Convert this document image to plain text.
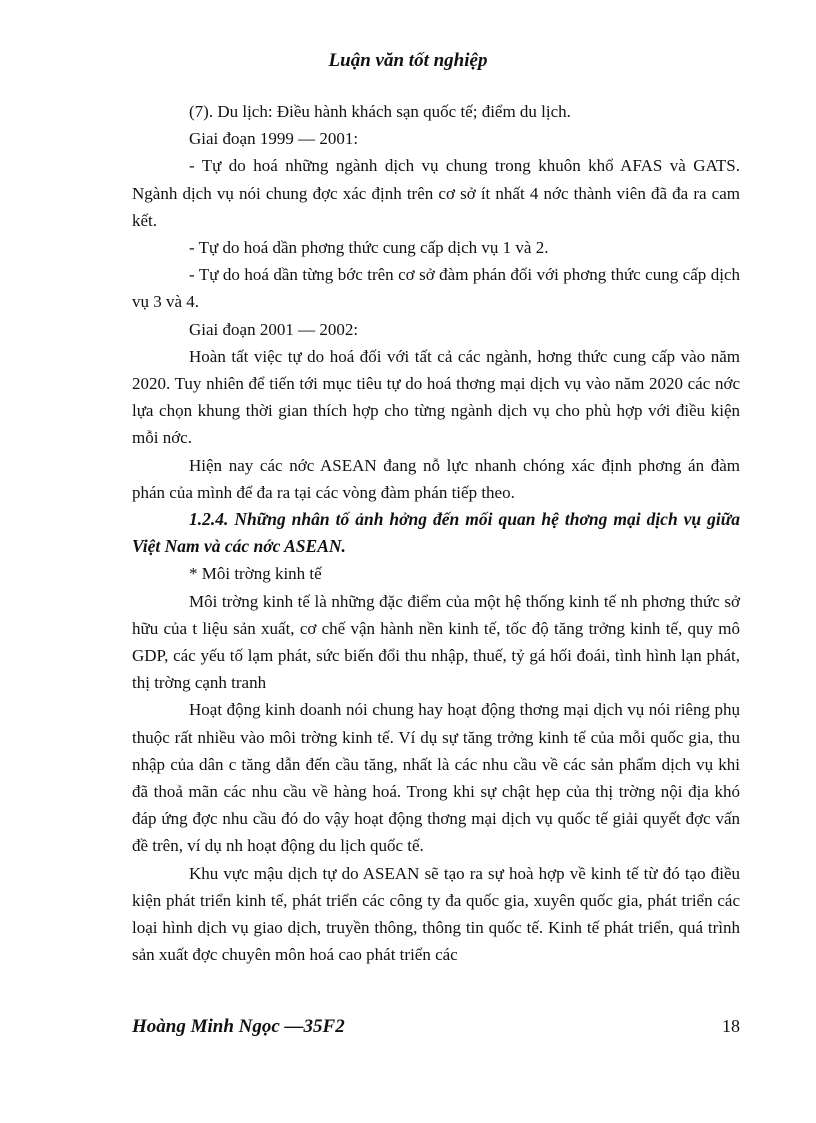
Luận văn tốt nghiệp

(7). Du lịch: Điều hành khách sạn quốc tế; điểm du lịch.

Giai đoạn 1999 — 2001:

- Tự do hoá những ngành dịch vụ chung trong khuôn khổ AFAS và GATS. Ngành dịch vụ nói chung đợc xác định trên cơ sở ít nhất 4 nớc thành viên đã đa ra cam kết.

- Tự do hoá dần phơng thức cung cấp dịch vụ 1 và 2.

- Tự do hoá dần từng bớc trên cơ sở đàm phán đối với phơng thức cung cấp dịch vụ 3 và 4.

Giai đoạn 2001 — 2002:

Hoàn tất việc tự do hoá đối với tất cả các ngành, hơng thức cung cấp vào năm 2020. Tuy nhiên để tiến tới mục tiêu tự do hoá thơng mại dịch vụ vào năm 2020 các nớc lựa chọn khung thời gian thích hợp cho từng ngành dịch vụ cho phù hợp với điều kiện mỗi nớc.

Hiện nay các nớc ASEAN đang nỗ lực nhanh chóng xác định phơng án đàm phán của mình để đa ra tại các vòng đàm phán tiếp theo.

1.2.4. Những nhân tố ảnh hởng đến mối quan hệ thơng mại dịch vụ giữa Việt Nam và các nớc ASEAN.

* Môi trờng kinh tế

Môi trờng kinh tế là những đặc điểm của một hệ thống kinh tế nh phơng thức sở hữu của t liệu sản xuất, cơ chế vận hành nền kinh tế, tốc độ tăng trởng kinh tế, quy mô GDP, các yếu tố lạm phát, sức biến đổi thu nhập, thuế, tỷ gá hối đoái, tình hình lạn phát, thị trờng cạnh tranh

Hoạt động kinh doanh nói chung hay hoạt động thơng mại dịch vụ nói riêng phụ thuộc rất nhiều vào môi trờng kinh tế. Ví dụ sự tăng trởng kinh tế của mỗi quốc gia, thu nhập của dân c tăng dẫn đến cầu tăng, nhất là các nhu cầu về các sản phẩm dịch vụ khi đã thoả mãn các nhu cầu về hàng hoá. Trong khi sự chật hẹp của thị trờng nội địa khó đáp ứng đợc nhu cầu đó do vậy hoạt động thơng mại dịch vụ quốc tế giải quyết đợc vấn đề trên, ví dụ nh hoạt động du lịch quốc tế.

Khu vực mậu dịch tự do ASEAN sẽ tạo ra sự hoà hợp về kinh tế từ đó tạo điều kiện phát triển kinh tế, phát triển các công ty đa quốc gia, xuyên quốc gia, phát triển các loại hình dịch vụ giao dịch, truyền thông, thông tin quốc tế. Kinh tế phát triển, quá trình sản xuất đợc chuyên môn hoá cao phát triển các

Hoàng Minh Ngọc —35F2	18
